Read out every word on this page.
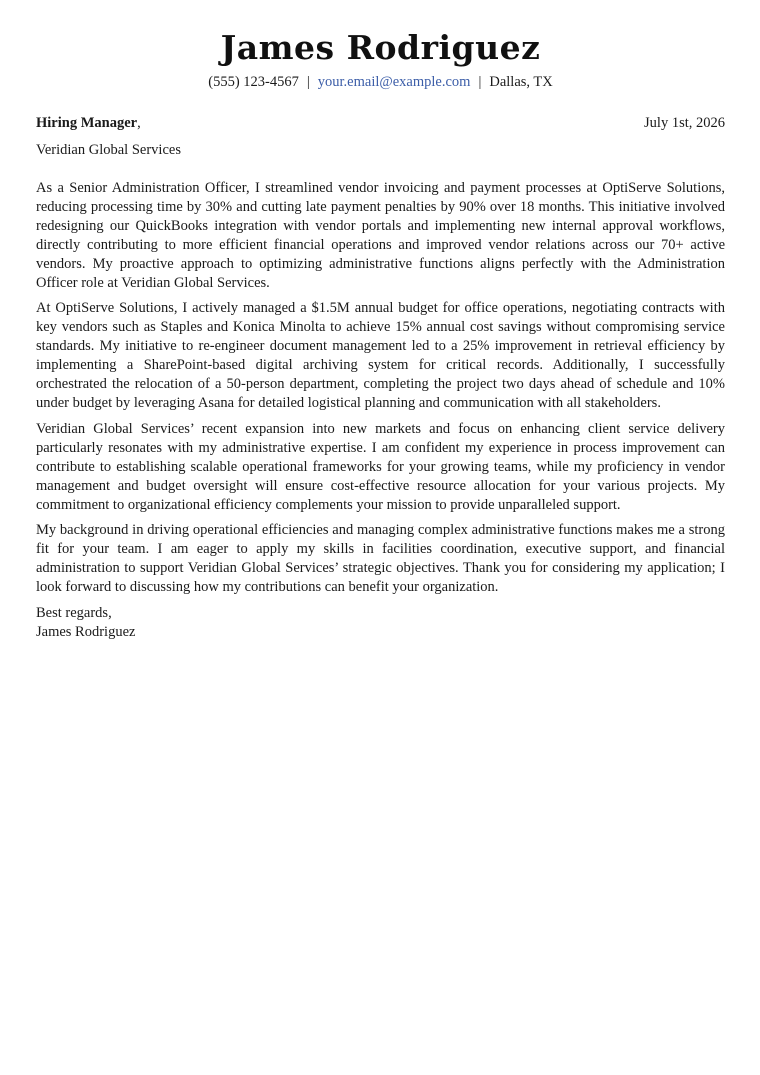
James Rodriguez
(555) 123-4567 | your.email@example.com | Dallas, TX
Hiring Manager,	July 1st, 2026
Veridian Global Services

As a Senior Administration Officer, I streamlined vendor invoicing and payment processes at OptiServe Solutions, reducing processing time by 30% and cutting late payment penalties by 90% over 18 months. This initiative involved redesigning our QuickBooks integration with vendor portals and implementing new internal approval workflows, directly contributing to more efficient financial operations and improved vendor relations across our 70+ active vendors. My proactive approach to optimizing administrative functions aligns perfectly with the Administration Officer role at Veridian Global Services.

At OptiServe Solutions, I actively managed a $1.5M annual budget for office operations, negotiating contracts with key vendors such as Staples and Konica Minolta to achieve 15% annual cost savings without compromising service standards. My initiative to re-engineer document management led to a 25% improvement in retrieval efficiency by implementing a SharePoint-based digital archiving system for critical records. Additionally, I successfully orchestrated the relocation of a 50-person department, completing the project two days ahead of schedule and 10% under budget by leveraging Asana for detailed logistical planning and communication with all stakeholders.

Veridian Global Services’ recent expansion into new markets and focus on enhancing client service delivery particularly resonates with my administrative expertise. I am confident my experience in process improvement can contribute to establishing scalable operational frameworks for your growing teams, while my proficiency in vendor management and budget oversight will ensure cost-effective resource allocation for your various projects. My commitment to organizational efficiency complements your mission to provide unparalleled support.

My background in driving operational efficiencies and managing complex administrative functions makes me a strong fit for your team. I am eager to apply my skills in facilities coordination, executive support, and financial administration to support Veridian Global Services’ strategic objectives. Thank you for considering my application; I look forward to discussing how my contributions can benefit your organization.

Best regards,
James Rodriguez
